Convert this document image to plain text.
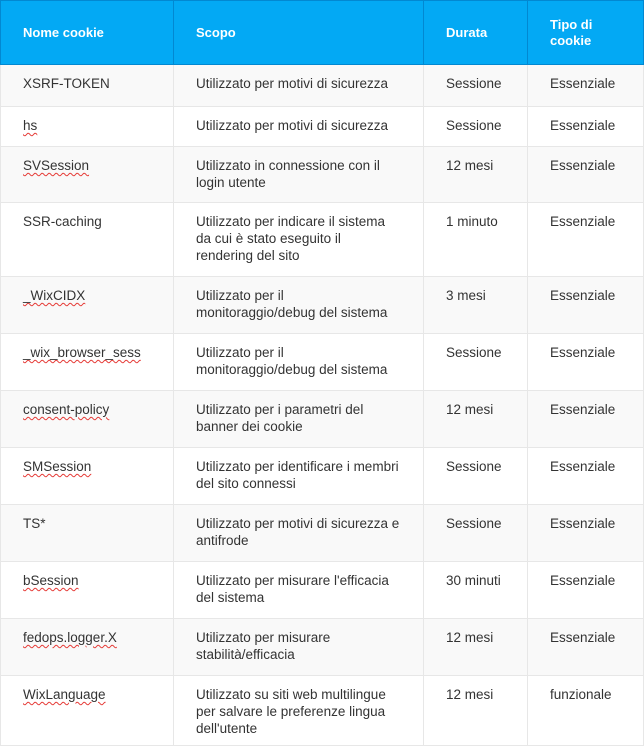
Nome cookie	Scopo	Durata	Tipo di cookie
XSRF-TOKEN	Utilizzato per motivi di sicurezza	Sessione	Essenziale
hs	Utilizzato per motivi di sicurezza	Sessione	Essenziale
SVSession	Utilizzato in connessione con il login utente	12 mesi	Essenziale
SSR-caching	Utilizzato per indicare il sistema da cui è stato eseguito il rendering del sito	1 minuto	Essenziale
_WixCIDX	Utilizzato per il monitoraggio/debug del sistema	3 mesi	Essenziale
_wix_browser_sess	Utilizzato per il monitoraggio/debug del sistema	Sessione	Essenziale
consent-policy	Utilizzato per i parametri del banner dei cookie	12 mesi	Essenziale
SMSession	Utilizzato per identificare i membri del sito connessi	Sessione	Essenziale
TS*	Utilizzato per motivi di sicurezza e antifrode	Sessione	Essenziale
bSession	Utilizzato per misurare l'efficacia del sistema	30 minuti	Essenziale
fedops.logger.X	Utilizzato per misurare stabilità/efficacia	12 mesi	Essenziale
WixLanguage	Utilizzato su siti web multilingue per salvare le preferenze lingua dell'utente	12 mesi	funzionale
